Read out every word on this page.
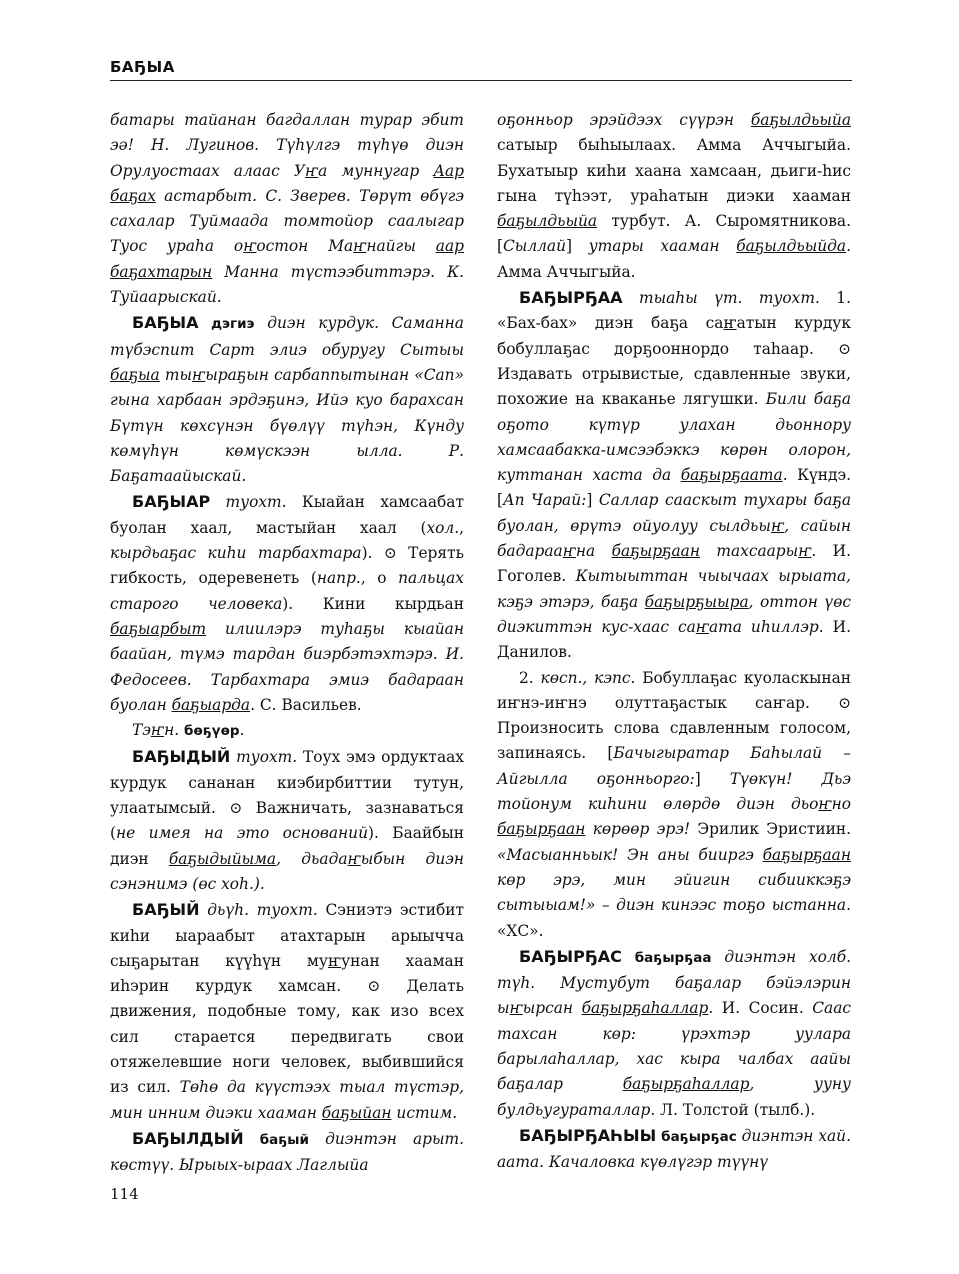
БАҔЫА

батары тайанан багдаллан турар эбит эә! Н. Лугинов. Түһүлгэ түһүө диэн Орулуостаах алаас Уҥа муннугар Аар баҕах астарбыт. С. Зверев. Төрүт өбүгэ сахалар Туймаада томтойор саалыгар Туос ураһа оҥостон Маҥнайгы аар баҕахтарын Манна түстээбиттэрэ. К. Туйаарыскай.

БАҔЫА дэгиэ диэн курдук. Саманна түбэспит Сарт элиэ обуругу Сытыы баҕыа тыҥыраҕын сарбаппытынан «Сап» гына харбаан эрдэҕинэ, Ийэ куо барахсан Бүтүн көхсүнэн бүөлүү түһэн, Күнду көмүһүн көмүскээн ылла. Р. Баҕатаайыскай.

БАҔЫАР туохт. Кыайан хамсаабат буолан хаал, мастыйан хаал (хол., кырдьаҕас киһи тарбахтара). ⊙ Терять гибкость, одеревенеть (напр., о пальцах старого человека). Кини кырдьан баҕыарбыт илиилэрэ туһаҕы кыайан баайан, түмэ тардан биэрбэтэхтэрэ. И. Федосеев. Тарбахтара эмиэ бадараан буолан баҕыарда. С. Васильев.

Тэҥн. бөҕүөр.

БАҔЫДЫЙ туохт. Тоух эмэ ордуктаах курдук сананан киэбирбиттии тутун, улаатымсый. ⊙ Важничать, зазнаваться (не имея на это оснований). Баайбын диэн баҕыдыйыма, дьадаҥыбын диэн сэнэнимэ (өс хоһ.).

БАҔЫЙ дьүһ. туохт. Сэниэтэ эстибит киһи ыараабыт атахтарын арыычча сыҕарытан күүһүн муҥунан хааман иһэрин курдук хамсан. ⊙ Делать движения, подобные тому, как изо всех сил старается передвигать свои отяжелевшие ноги человек, выбившийся из сил. Төһө да күүстээх тыал түстэр, мин инним диэки хааман баҕыйан истим.

БАҔЫЛДЫЙ баҕый диэнтэн арыт. көстүү. Ырыых-ыраах Лаглыйа

оҕонньор эрэйдээх сүүрэн баҕылдьыйа сатыыр быһыылаах. Амма Аччыгыйа. Бухатыыр киһи хаана хамсаан, дьиги-һис гына түһээт, ураһатын диэки хааман баҕылдьыйа турбут. А. Сыромятникова. [Сыллай] утары хааман баҕылдьыйда. Амма Аччыгыйа.

БАҔЫРҔАА тыаһы үт. туохт. 1. «Бах-бах» диэн баҕа саҥатын курдук бобуллаҕас дорҕооннордо таһаар. ⊙ Издавать отрывистые, сдавленные звуки, похожие на кваканье лягушки. Били баҕа оҕото күтүр улахан дьоннору хамсаабакка-имсээбэккэ көрөн олорон, куттанан хаста да баҕырҕаата. Күндэ. [Ап Чарай:] Саллар сааскыт тухары баҕа буолан, өрүтэ ойуолуу сылдьыҥ, сайын бадарааҥна баҕырҕаан тахсаарыҥ. И. Гоголев. Кытыыттан чыычаах ырыата, кэҕэ этэрэ, баҕа баҕырҕыыра, оттон үөс диэкиттэн кус-хаас саҥата иһиллэр. И. Данилов.

2. көсп., кэпс. Бобуллаҕас куоласкынан иҥнэ-иҥнэ олуттаҕастык саҥар. ⊙ Произносить слова сдавленным голосом, запинаясь. [Бачыгыратар Баһылай – Айгылла оҕонньорго:] Түөкүн! Дьэ тойонум киһини өлөрдө диэн дьоҥно баҕырҕаан көрөөр эрэ! Эрилик Эристиин. «Масыанньык! Эн аны бииргэ баҕырҕаан көр эрэ, мин эйигин сибииккэҕэ сытыыам!» – диэн кинээс тоҕо ыстанна. «ХС».

БАҔЫРҔАС баҕырҕаа диэнтэн холб. түһ. Мустубут баҕалар бэйэлэрин ыҥырсан баҕырҕаһаллар. И. Сосин. Саас тахсан көр: үрэхтэр уулара барылаһаллар, хас кыра чалбах аайы баҕалар баҕырҕаһаллар, ууну булдьугураталлар. Л. Толстой (тылб.).

БАҔЫРҔАҺЫЫ баҕырҕас диэнтэн хай. аата. Качаловка күөлүгэр түүнү

114
